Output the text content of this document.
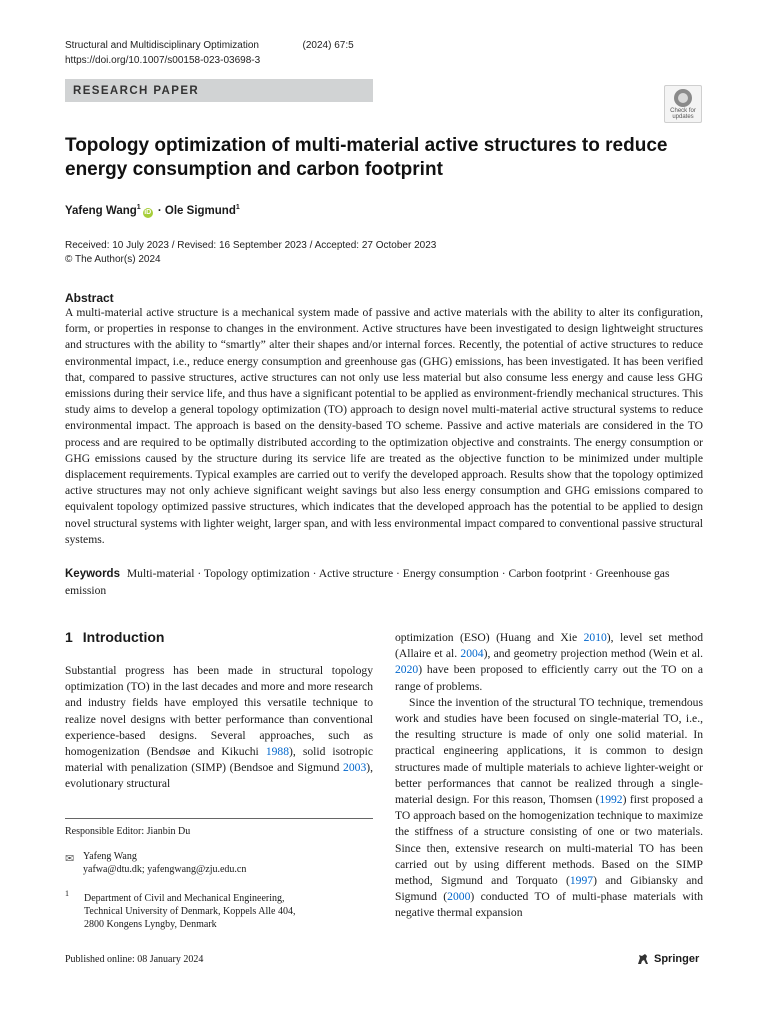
Structural and Multidisciplinary Optimization	(2024) 67:5
https://doi.org/10.1007/s00158-023-03698-3
RESEARCH PAPER
Check for
updates
Topology optimization of multi-material active structures to reduce energy consumption and carbon footprint
Yafeng Wang$^1$iD · Ole Sigmund$^1$
Received: 10 July 2023 / Revised: 16 September 2023 / Accepted: 27 October 2023
© The Author(s) 2024
Abstract
A multi-material active structure is a mechanical system made of passive and active materials with the ability to alter its configuration, form, or properties in response to changes in the environment. Active structures have been investigated to design lightweight structures and structures with the ability to “smartly” alter their shapes and/or internal forces. Recently, the potential of active structures to reduce environmental impact, i.e., reduce energy consumption and greenhouse gas (GHG) emissions, has been investigated. It has been verified that, compared to passive structures, active structures can not only use less material but also consume less energy and cause less GHG emissions during their service life, and thus have a significant potential to be applied as environment-friendly mechanical structures. This study aims to develop a general topology optimization (TO) approach to design novel multi-material active structural systems to reduce environmental impact. The approach is based on the density-based TO scheme. Passive and active materials are considered in the TO process and are required to be optimally distributed according to the optimization objective and constraints. The energy consumption or GHG emissions caused by the structure during its service life are treated as the objective function to be minimized under multiple displacement requirements. Typical examples are carried out to verify the developed approach. Results show that the topology optimized active structures may not only achieve significant weight savings but also less energy consumption and GHG emissions compared to equivalent topology optimized passive structures, which indicates that the developed approach has the potential to be applied to design novel structural systems with lighter weight, larger span, and with less environmental impact compared to conventional passive structural systems.
Keywords Multi-material · Topology optimization · Active structure · Energy consumption · Carbon footprint · Greenhouse gas emission
1 Introduction
Substantial progress has been made in structural topology optimization (TO) in the last decades and more and more research and industry fields have employed this versatile technique to realize novel designs with better performance than conventional experience-based designs. Several approaches, such as homogenization (Bendsøe and Kikuchi 1988), solid isotropic material with penalization (SIMP) (Bendsoe and Sigmund 2003), evolutionary structural
optimization (ESO) (Huang and Xie 2010), level set method (Allaire et al. 2004), and geometry projection method (Wein et al. 2020) have been proposed to efficiently carry out the TO on a range of problems.
Since the invention of the structural TO technique, tremendous work and studies have been focused on single-material TO, i.e., the resulting structure is made of only one solid material. In practical engineering applications, it is common to design structures made of multiple materials to achieve lighter-weight or better performances that cannot be realized through a single-material design. For this reason, Thomsen (1992) first proposed a TO approach based on the homogenization technique to maximize the stiffness of a structure consisting of one or two materials. Since then, extensive research on multi-material TO has been carried out by using different methods. Based on the SIMP method, Sigmund and Torquato (1997) and Gibiansky and Sigmund (2000) conducted TO of multi-phase materials with negative thermal expansion
Responsible Editor: Jianbin Du
✉ Yafeng Wang
yafwa@dtu.dk; yafengwang@zju.edu.cn
1 Department of Civil and Mechanical Engineering,
Technical University of Denmark, Koppels Alle 404,
2800 Kongens Lyngby, Denmark
Published online: 08 January 2024	Springer
